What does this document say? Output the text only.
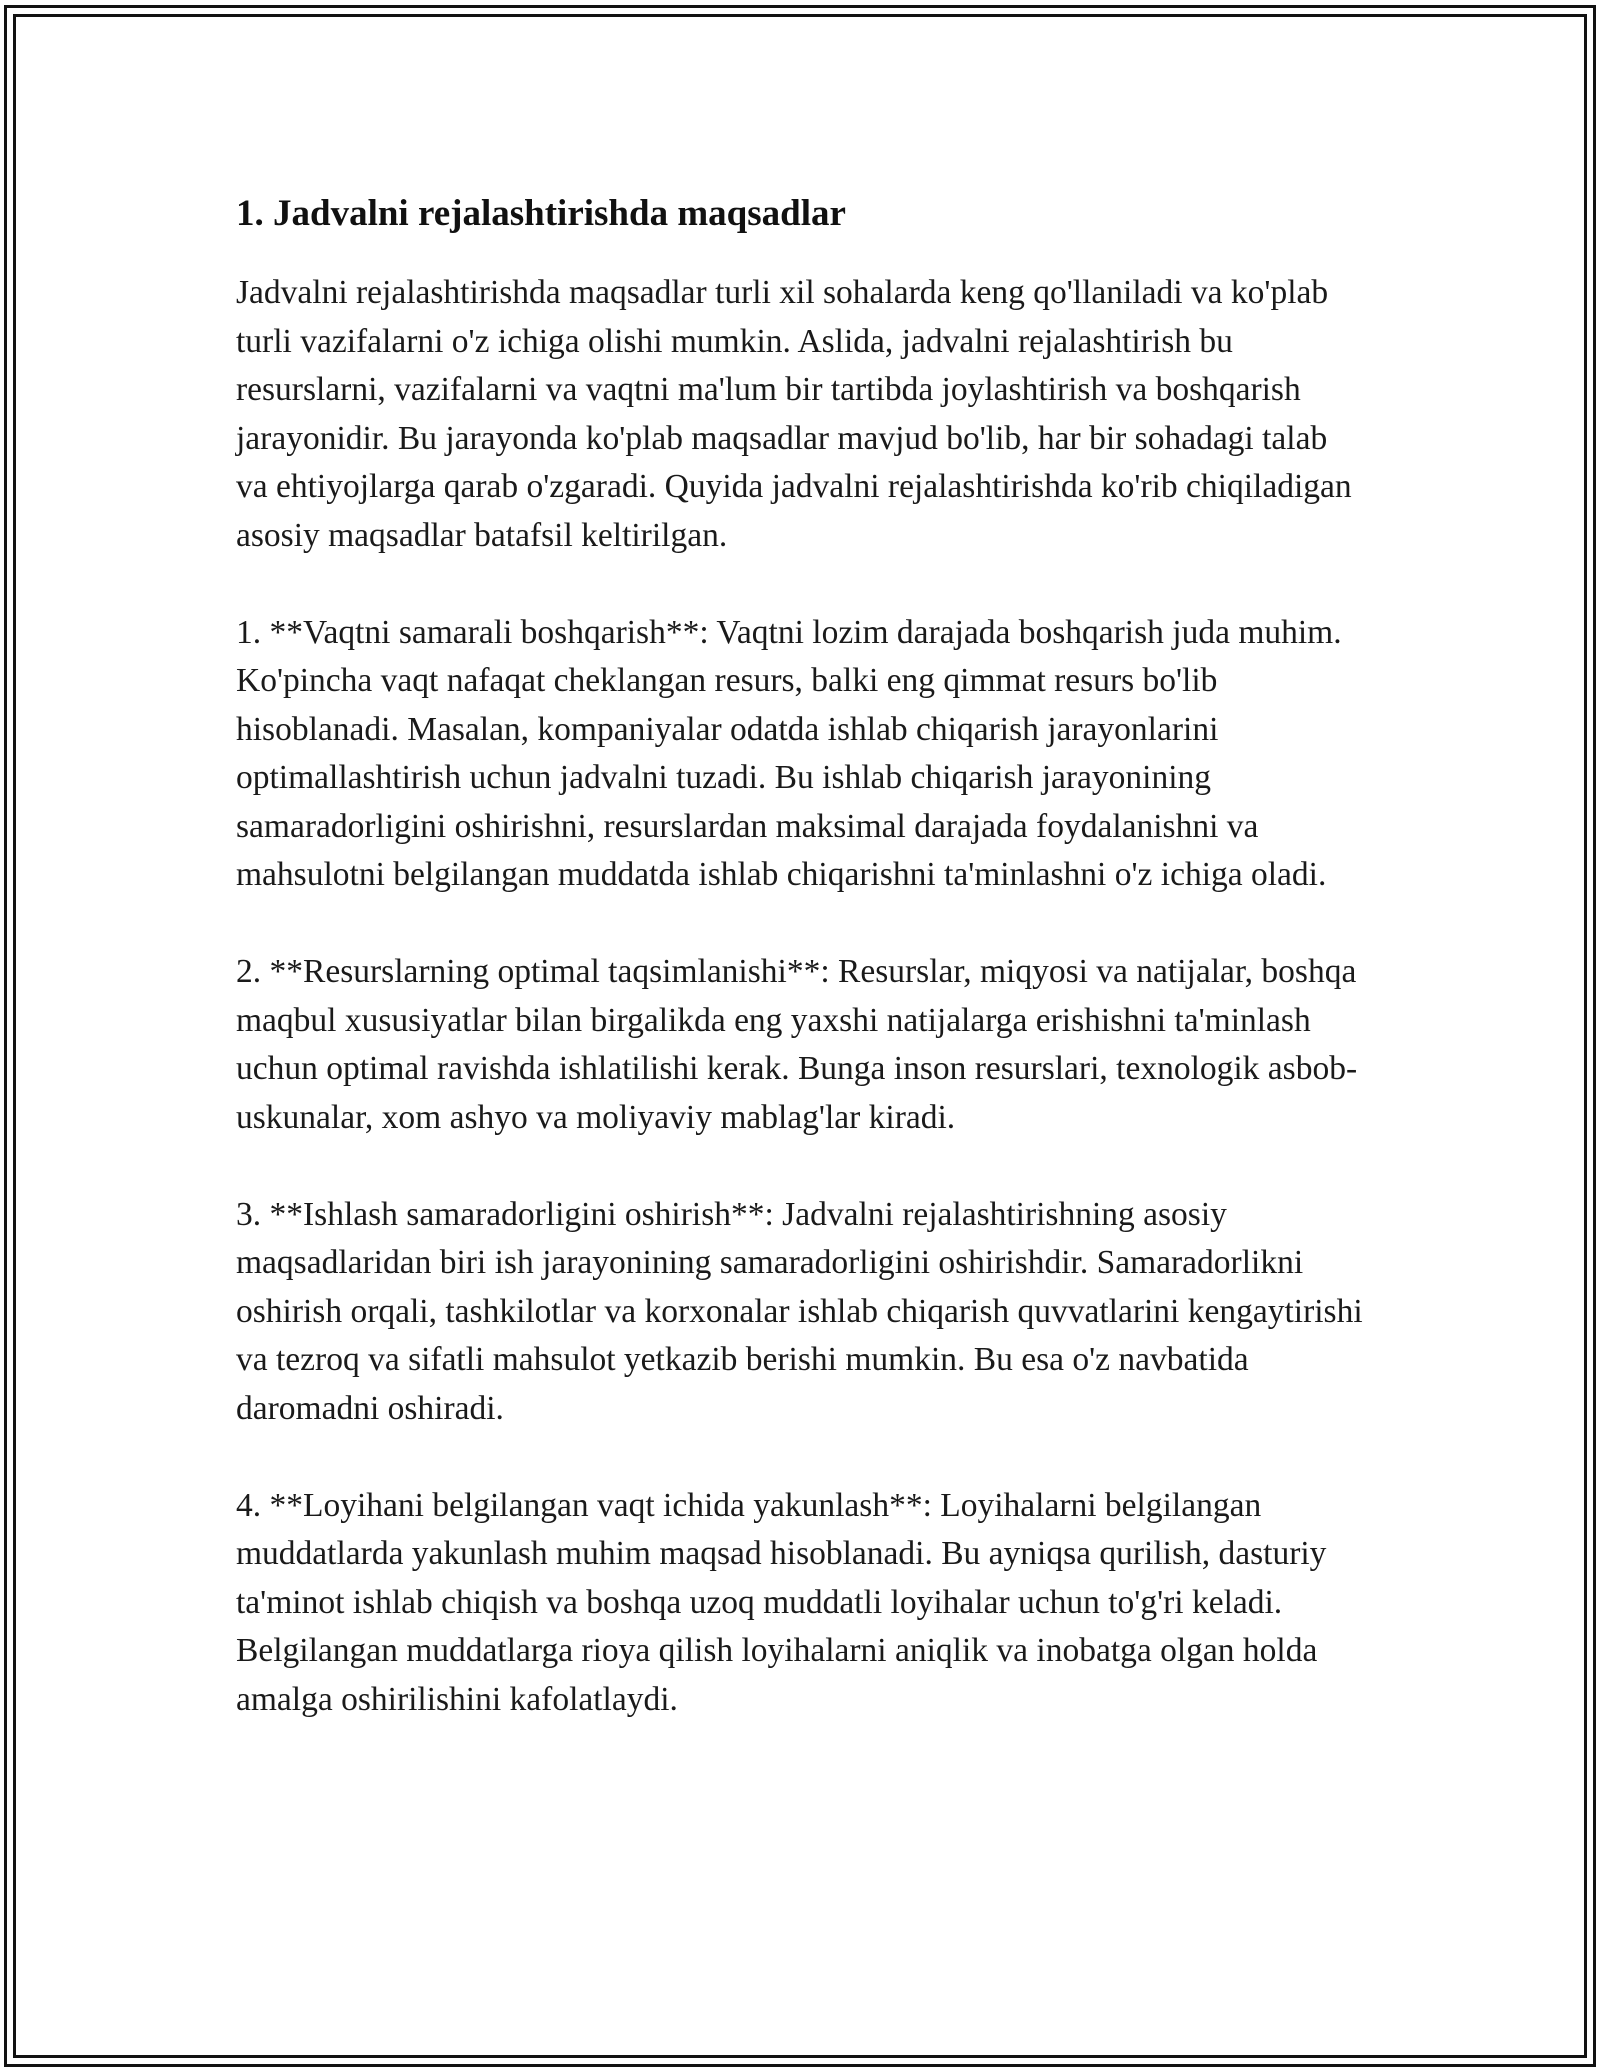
1. Jadvalni rejalashtirishda maqsadlar

Jadvalni rejalashtirishda maqsadlar turli xil sohalarda keng qo'llaniladi va ko'plab turli vazifalarni o'z ichiga olishi mumkin. Aslida, jadvalni rejalashtirish bu resurslarni, vazifalarni va vaqtni ma'lum bir tartibda joylashtirish va boshqarish jarayonidir. Bu jarayonda ko'plab maqsadlar mavjud bo'lib, har bir sohadagi talab va ehtiyojlarga qarab o'zgaradi. Quyida jadvalni rejalashtirishda ko'rib chiqiladigan asosiy maqsadlar batafsil keltirilgan.

1. **Vaqtni samarali boshqarish**: Vaqtni lozim darajada boshqarish juda muhim. Ko'pincha vaqt nafaqat cheklangan resurs, balki eng qimmat resurs bo'lib hisoblanadi. Masalan, kompaniyalar odatda ishlab chiqarish jarayonlarini optimallashtirish uchun jadvalni tuzadi. Bu ishlab chiqarish jarayonining samaradorligini oshirishni, resurslardan maksimal darajada foydalanishni va mahsulotni belgilangan muddatda ishlab chiqarishni ta'minlashni o'z ichiga oladi.

2. **Resurslarning optimal taqsimlanishi**: Resurslar, miqyosi va natijalar, boshqa maqbul xususiyatlar bilan birgalikda eng yaxshi natijalarga erishishni ta'minlash uchun optimal ravishda ishlatilishi kerak. Bunga inson resurslari, texnologik asbob-uskunalar, xom ashyo va moliyaviy mablag'lar kiradi.

3. **Ishlash samaradorligini oshirish**: Jadvalni rejalashtirishning asosiy maqsadlaridan biri ish jarayonining samaradorligini oshirishdir. Samaradorlikni oshirish orqali, tashkilotlar va korxonalar ishlab chiqarish quvvatlarini kengaytirishi va tezroq va sifatli mahsulot yetkazib berishi mumkin. Bu esa o'z navbatida daromadni oshiradi.

4. **Loyihani belgilangan vaqt ichida yakunlash**: Loyihalarni belgilangan muddatlarda yakunlash muhim maqsad hisoblanadi. Bu ayniqsa qurilish, dasturiy ta'minot ishlab chiqish va boshqa uzoq muddatli loyihalar uchun to'g'ri keladi. Belgilangan muddatlarga rioya qilish loyihalarni aniqlik va inobatga olgan holda amalga oshirilishini kafolatlaydi.
